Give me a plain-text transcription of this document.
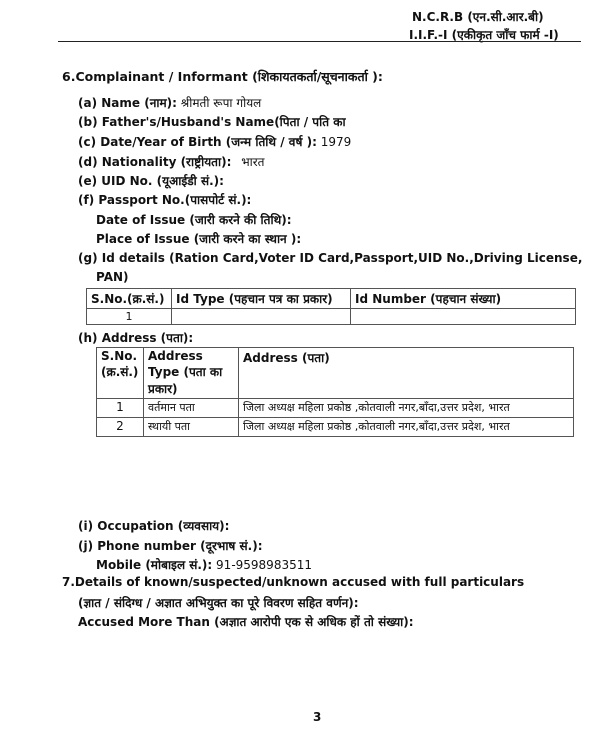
N.C.R.B (एन.सी.आर.बी)
I.I.F.-I (एकीकृत जाँच फार्म -I)
6.Complainant / Informant (शिकायतकर्ता/सूचनाकर्ता ):
(a) Name (नाम): श्रीमती रूपा गोयल
(b) Father's/Husband's Name(पिता / पति का
(c) Date/Year of Birth (जन्म तिथि / वर्ष ): 1979
(d) Nationality (राष्ट्रीयता): भारत
(e) UID No. (यूआईडी सं.):
(f) Passport No.(पासपोर्ट सं.):
Date of Issue (जारी करने की तिथि):
Place of Issue (जारी करने का स्थान ):
(g) Id details (Ration Card,Voter ID Card,Passport,UID No.,Driving License,
PAN)
S.No.(क्र.सं.)	Id Type (पहचान पत्र का प्रकार)	Id Number (पहचान संख्या)
1		
(h) Address (पता):
S.No. (क्र.सं.)	Address Type (पता का प्रकार)	Address (पता)
1	वर्तमान पता	जिला अध्यक्ष महिला प्रकोष्ठ ,कोतवाली नगर,बाँदा,उत्तर प्रदेश, भारत
2	स्थायी पता	जिला अध्यक्ष महिला प्रकोष्ठ ,कोतवाली नगर,बाँदा,उत्तर प्रदेश, भारत
(i) Occupation (व्यवसाय):
(j) Phone number (दूरभाष सं.):
Mobile (मोबाइल सं.): 91-9598983511
7.Details of known/suspected/unknown accused with full particulars
(ज्ञात / संदिग्ध / अज्ञात अभियुक्त का पूरे विवरण सहित वर्णन):
Accused More Than (अज्ञात आरोपी एक से अधिक हों तो संख्या):
3
